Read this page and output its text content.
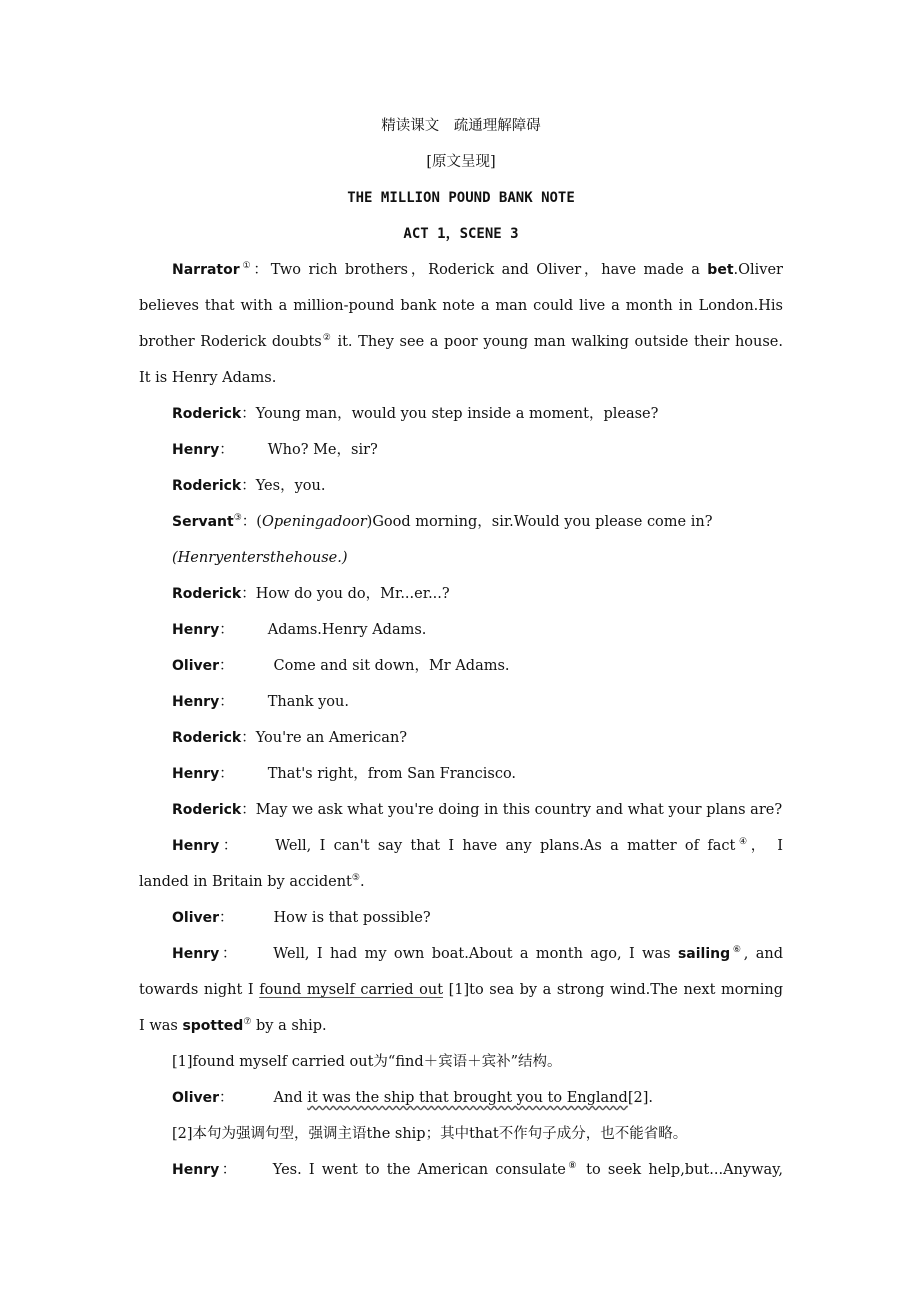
精读课文　疏通理解障碍
[原文呈现]
THE MILLION POUND BANK NOTE
ACT 1，SCENE 3
Narrator①：Two rich brothers，Roderick and Oliver，have made a bet.Oliver
believes that with a million-pound bank note a man could live a month in London.His
brother Roderick doubts② it. They see a poor young man walking outside their house.
It is Henry Adams.
Roderick：Young man，would you step inside a moment，please?
Henry： Who? Me，sir?
Roderick：Yes，you.
Servant③：(Openingadoor)Good morning，sir.Would you please come in?
(Henryentersthehouse.)
Roderick：How do you do，Mr...er...?
Henry： Adams.Henry Adams.
Oliver：	Come and sit down，Mr Adams.
Henry： Thank you.
Roderick：You're an American?
Henry： That's right，from San Francisco.
Roderick：May we ask what you're doing in this country and what your plans are?
Henry： Well, I can't say that I have any plans.As a matter of fact④， I
landed in Britain by accident⑤.
Oliver：	How is that possible?
Henry： Well, I had my own boat.About a month ago, I was sailing⑥, and
towards night I found myself carried out [1]to sea by a strong wind.The next morning
I was spotted⑦ by a ship.
[1]found myself carried out为“find＋宾语＋宾补”结构。
Oliver：	And it was the ship that brought you to England[2].
[2]本句为强调句型，强调主语the ship；其中that不作句子成分，也不能省略。
Henry： Yes. I went to the American consulate⑧ to seek help,but...Anyway,
